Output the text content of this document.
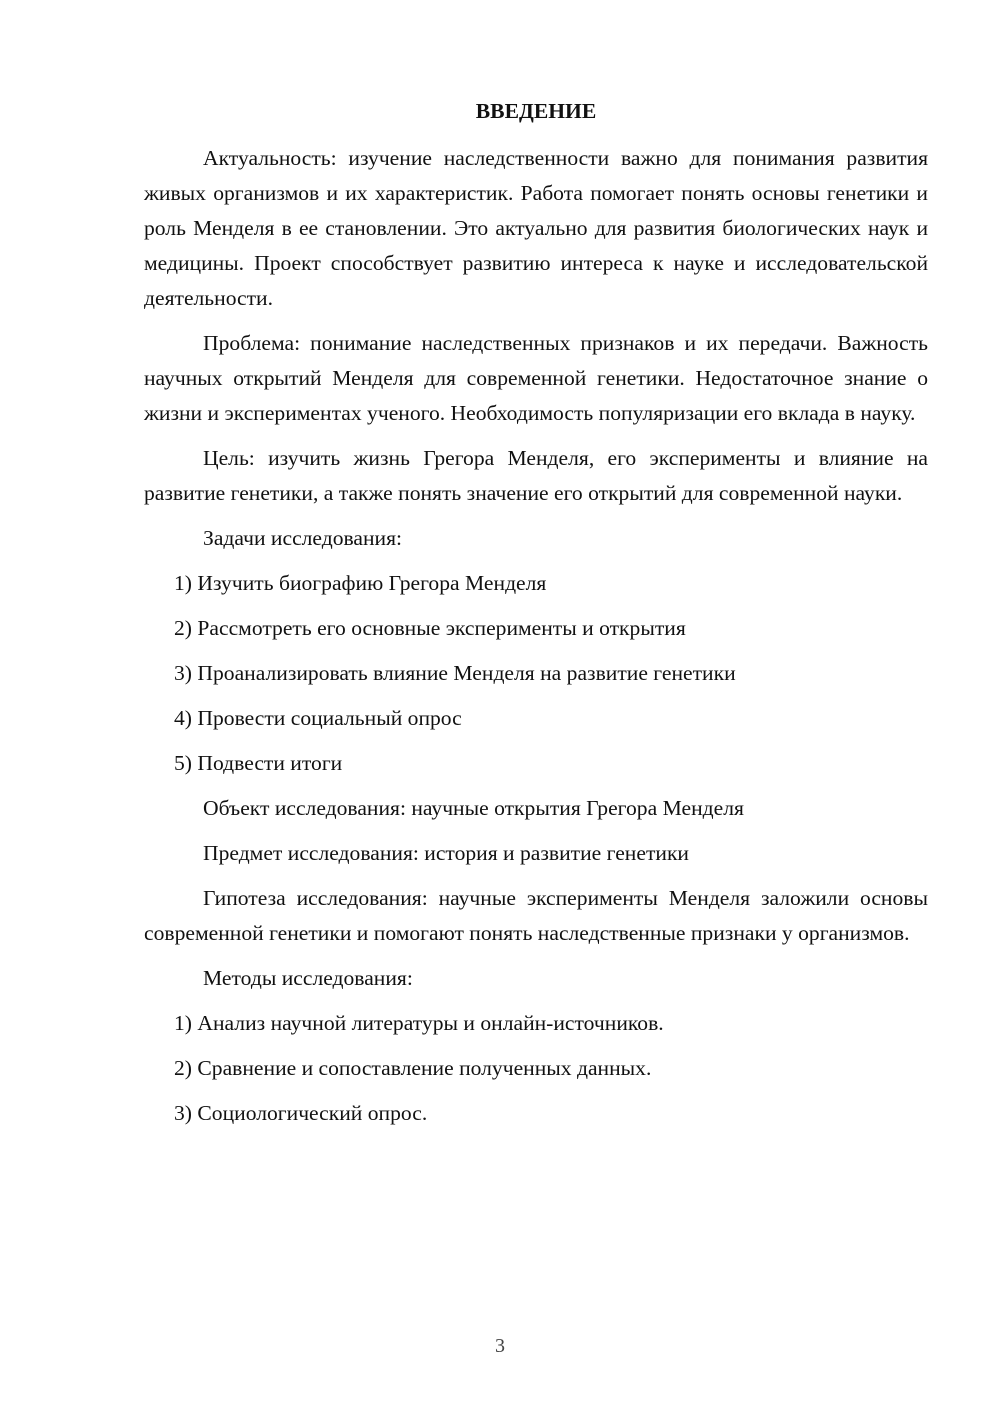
ВВЕДЕНИЕ

Актуальность: изучение наследственности важно для понимания развития живых организмов и их характеристик. Работа помогает понять основы генетики и роль Менделя в ее становлении. Это актуально для развития биологических наук и медицины. Проект способствует развитию интереса к науке и исследовательской деятельности.

Проблема: понимание наследственных признаков и их передачи. Важность научных открытий Менделя для современной генетики. Недостаточное знание о жизни и экспериментах ученого. Необходимость популяризации его вклада в науку.

Цель: изучить жизнь Грегора Менделя, его эксперименты и влияние на развитие генетики, а также понять значение его открытий для современной науки.

Задачи исследования:
1) Изучить биографию Грегора Менделя
2) Рассмотреть его основные эксперименты и открытия
3) Проанализировать влияние Менделя на развитие генетики
4) Провести социальный опрос
5) Подвести итоги
Объект исследования: научные открытия Грегора Менделя
Предмет исследования: история и развитие генетики

Гипотеза исследования: научные эксперименты Менделя заложили основы современной генетики и помогают понять наследственные признаки у организмов.

Методы исследования:
1) Анализ научной литературы и онлайн-источников.
2) Сравнение и сопоставление полученных данных.
3) Социологический опрос.
3
